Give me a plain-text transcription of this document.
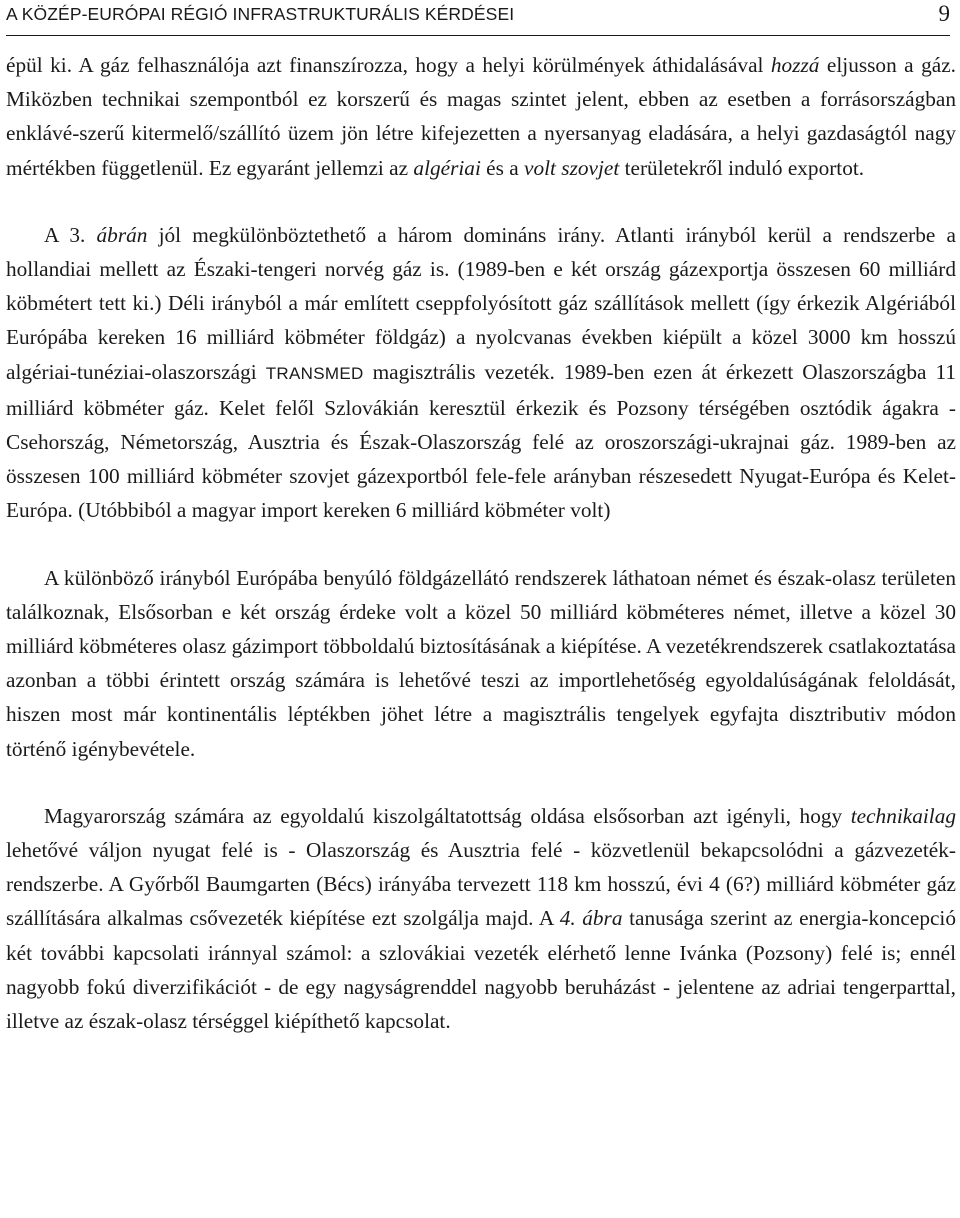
A KÖZÉP-EURÓPAI RÉGIÓ INFRASTRUKTURÁLIS KÉRDÉSEI	9

épül ki. A gáz felhasználója azt finanszírozza, hogy a helyi körülmények áthidalásával hozzá eljusson a gáz. Miközben technikai szempontból ez korszerű és magas szintet jelent, ebben az esetben a forrásországban enklávé-szerű kitermelő/szállító üzem jön létre kifejezetten a nyersanyag eladására, a helyi gazdaságtól nagy mértékben függetlenül. Ez egyaránt jellemzi az algériai és a volt szovjet területekről induló exportot.

A 3. ábrán jól megkülönböztethető a három domináns irány. Atlanti irányból kerül a rendszerbe a hollandiai mellett az Északi-tengeri norvég gáz is. (1989-ben e két ország gázexportja összesen 60 milliárd köbmétert tett ki.) Déli irányból a már említett cseppfolyósított gáz szállítások mellett (így érkezik Algériából Európába kereken 16 milliárd köbméter földgáz) a nyolcvanas években kiépült a közel 3000 km hosszú algériai-tunéziai-olaszországi TRANSMED magisztrális vezeték. 1989-ben ezen át érkezett Olaszországba 11 milliárd köbméter gáz. Kelet felől Szlovákián keresztül érkezik és Pozsony térségében osztódik ágakra - Csehország, Németország, Ausztria és Észak-Olaszország felé az oroszországi-ukrajnai gáz. 1989-ben az összesen 100 milliárd köbméter szovjet gázexportból fele-fele arányban részesedett Nyugat-Európa és Kelet-Európa. (Utóbbiból a magyar import kereken 6 milliárd köbméter volt)

A különböző irányból Európába benyúló földgázellátó rendszerek láthatoan német és észak-olasz területen találkoznak, Elsősorban e két ország érdeke volt a közel 50 milliárd köbméteres német, illetve a közel 30 milliárd köbméteres olasz gázimport többoldalú biztosításának a kiépítése. A vezetékrendszerek csatlakoztatása azonban a többi érintett ország számára is lehetővé teszi az importlehetőség egyoldalúságának feloldását, hiszen most már kontinentális léptékben jöhet létre a magisztrális tengelyek egyfajta disztributiv módon történő igénybevétele.

Magyarország számára az egyoldalú kiszolgáltatottság oldása elsősorban azt igényli, hogy technikailag lehetővé váljon nyugat felé is - Olaszország és Ausztria felé - közvetlenül bekapcsolódni a gázvezeték-rendszerbe. A Győrből Baumgarten (Bécs) irányába tervezett 118 km hosszú, évi 4 (6?) milliárd köbméter gáz szállítására alkalmas csővezeték kiépítése ezt szolgálja majd. A 4. ábra tanusága szerint az energia-koncepció két további kapcsolati iránnyal számol: a szlovákiai vezeték elérhető lenne Ivánka (Pozsony) felé is; ennél nagyobb fokú diverzifikációt - de egy nagyságrenddel nagyobb beruházást - jelentene az adriai tengerparttal, illetve az észak-olasz térséggel kiépíthető kapcsolat.
